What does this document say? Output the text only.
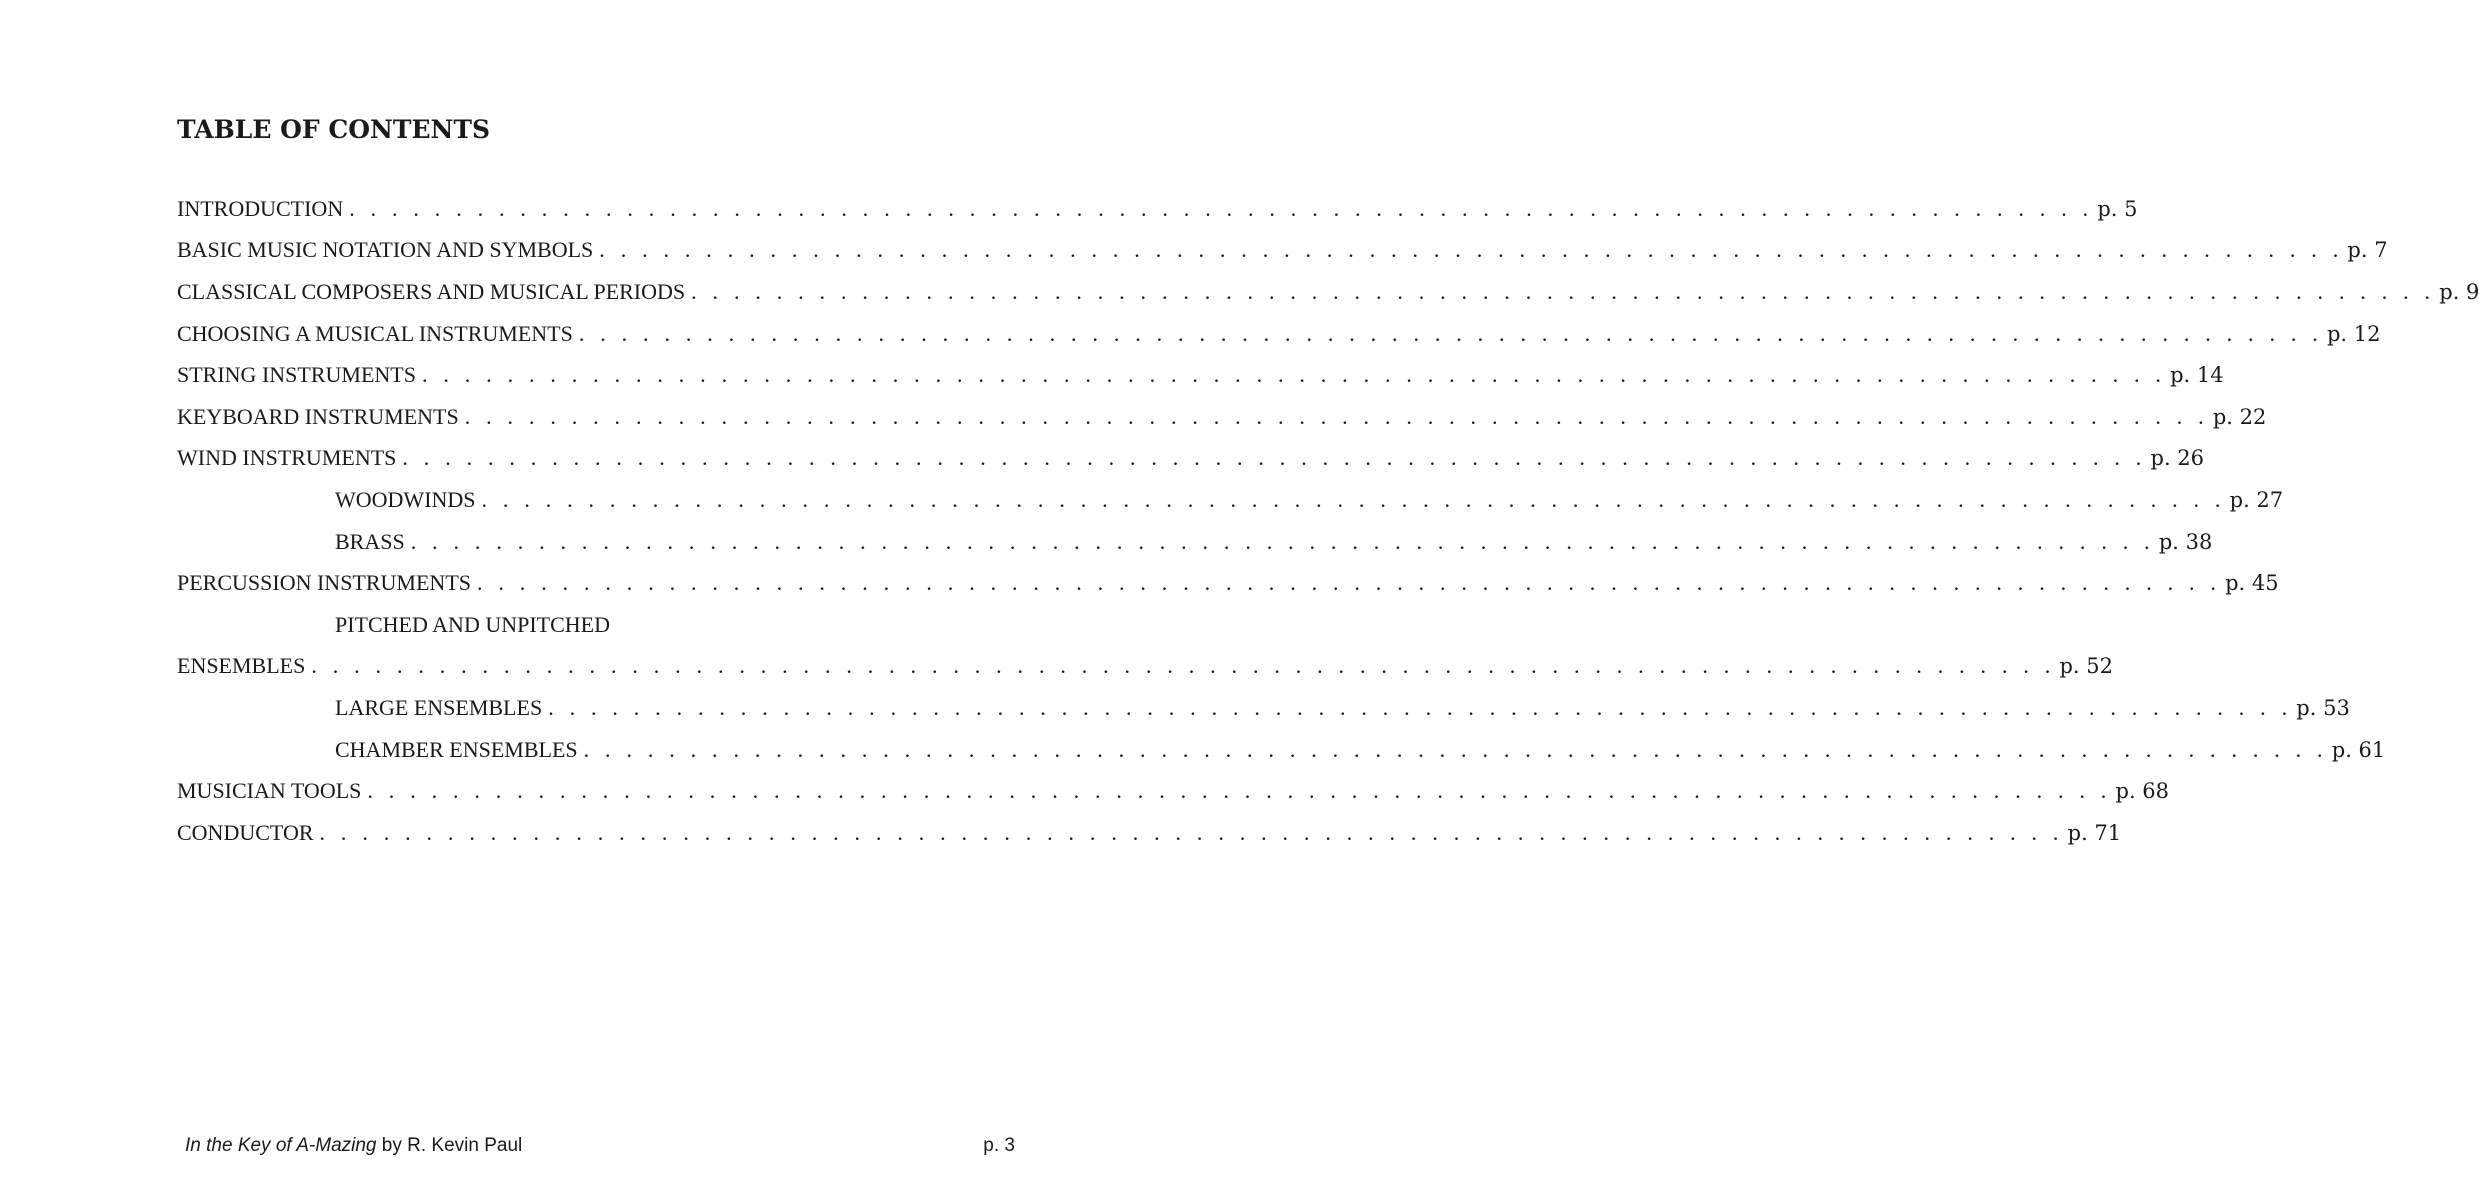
TABLE OF CONTENTS
INTRODUCTION . . . . . . . . . . . . . . . . . . . . . . . . . . . . . . . . . . . . . . . . . . . . . . . . . . . . . . . . . . . . . . . . . . . . . . . . . . . . . . . . . . p. 5
BASIC MUSIC NOTATION AND SYMBOLS . . . . . . . . . . . . . . . . . . . . . . . . . . . . . . . . . . . . . . . . . . . . . . . . . . . . . . . . . . . . . . . . . . . . . . . . . . . . . . . . . . p. 7
CLASSICAL COMPOSERS AND MUSICAL PERIODS . . . . . . . . . . . . . . . . . . . . . . . . . . . . . . . . . . . . . . . . . . . . . . . . . . . . . . . . . . . . . . . . . . . . . . . . . . . . . . . . . . p. 9
CHOOSING A MUSICAL INSTRUMENTS . . . . . . . . . . . . . . . . . . . . . . . . . . . . . . . . . . . . . . . . . . . . . . . . . . . . . . . . . . . . . . . . . . . . . . . . . . . . . . . . . . p. 12
STRING INSTRUMENTS . . . . . . . . . . . . . . . . . . . . . . . . . . . . . . . . . . . . . . . . . . . . . . . . . . . . . . . . . . . . . . . . . . . . . . . . . . . . . . . . . . p. 14
KEYBOARD INSTRUMENTS . . . . . . . . . . . . . . . . . . . . . . . . . . . . . . . . . . . . . . . . . . . . . . . . . . . . . . . . . . . . . . . . . . . . . . . . . . . . . . . . . . p. 22
WIND INSTRUMENTS . . . . . . . . . . . . . . . . . . . . . . . . . . . . . . . . . . . . . . . . . . . . . . . . . . . . . . . . . . . . . . . . . . . . . . . . . . . . . . . . . . p. 26
WOODWINDS . . . . . . . . . . . . . . . . . . . . . . . . . . . . . . . . . . . . . . . . . . . . . . . . . . . . . . . . . . . . . . . . . . . . . . . . . . . . . . . . . . p. 27
BRASS . . . . . . . . . . . . . . . . . . . . . . . . . . . . . . . . . . . . . . . . . . . . . . . . . . . . . . . . . . . . . . . . . . . . . . . . . . . . . . . . . . p. 38
PERCUSSION INSTRUMENTS . . . . . . . . . . . . . . . . . . . . . . . . . . . . . . . . . . . . . . . . . . . . . . . . . . . . . . . . . . . . . . . . . . . . . . . . . . . . . . . . . . p. 45
PITCHED AND UNPITCHED
ENSEMBLES . . . . . . . . . . . . . . . . . . . . . . . . . . . . . . . . . . . . . . . . . . . . . . . . . . . . . . . . . . . . . . . . . . . . . . . . . . . . . . . . . . p. 52
LARGE ENSEMBLES . . . . . . . . . . . . . . . . . . . . . . . . . . . . . . . . . . . . . . . . . . . . . . . . . . . . . . . . . . . . . . . . . . . . . . . . . . . . . . . . . . p. 53
CHAMBER ENSEMBLES . . . . . . . . . . . . . . . . . . . . . . . . . . . . . . . . . . . . . . . . . . . . . . . . . . . . . . . . . . . . . . . . . . . . . . . . . . . . . . . . . . p. 61
MUSICIAN TOOLS . . . . . . . . . . . . . . . . . . . . . . . . . . . . . . . . . . . . . . . . . . . . . . . . . . . . . . . . . . . . . . . . . . . . . . . . . . . . . . . . . . p. 68
CONDUCTOR . . . . . . . . . . . . . . . . . . . . . . . . . . . . . . . . . . . . . . . . . . . . . . . . . . . . . . . . . . . . . . . . . . . . . . . . . . . . . . . . . . p. 71
In the Key of A-Mazing by R. Kevin Paul	p. 3
